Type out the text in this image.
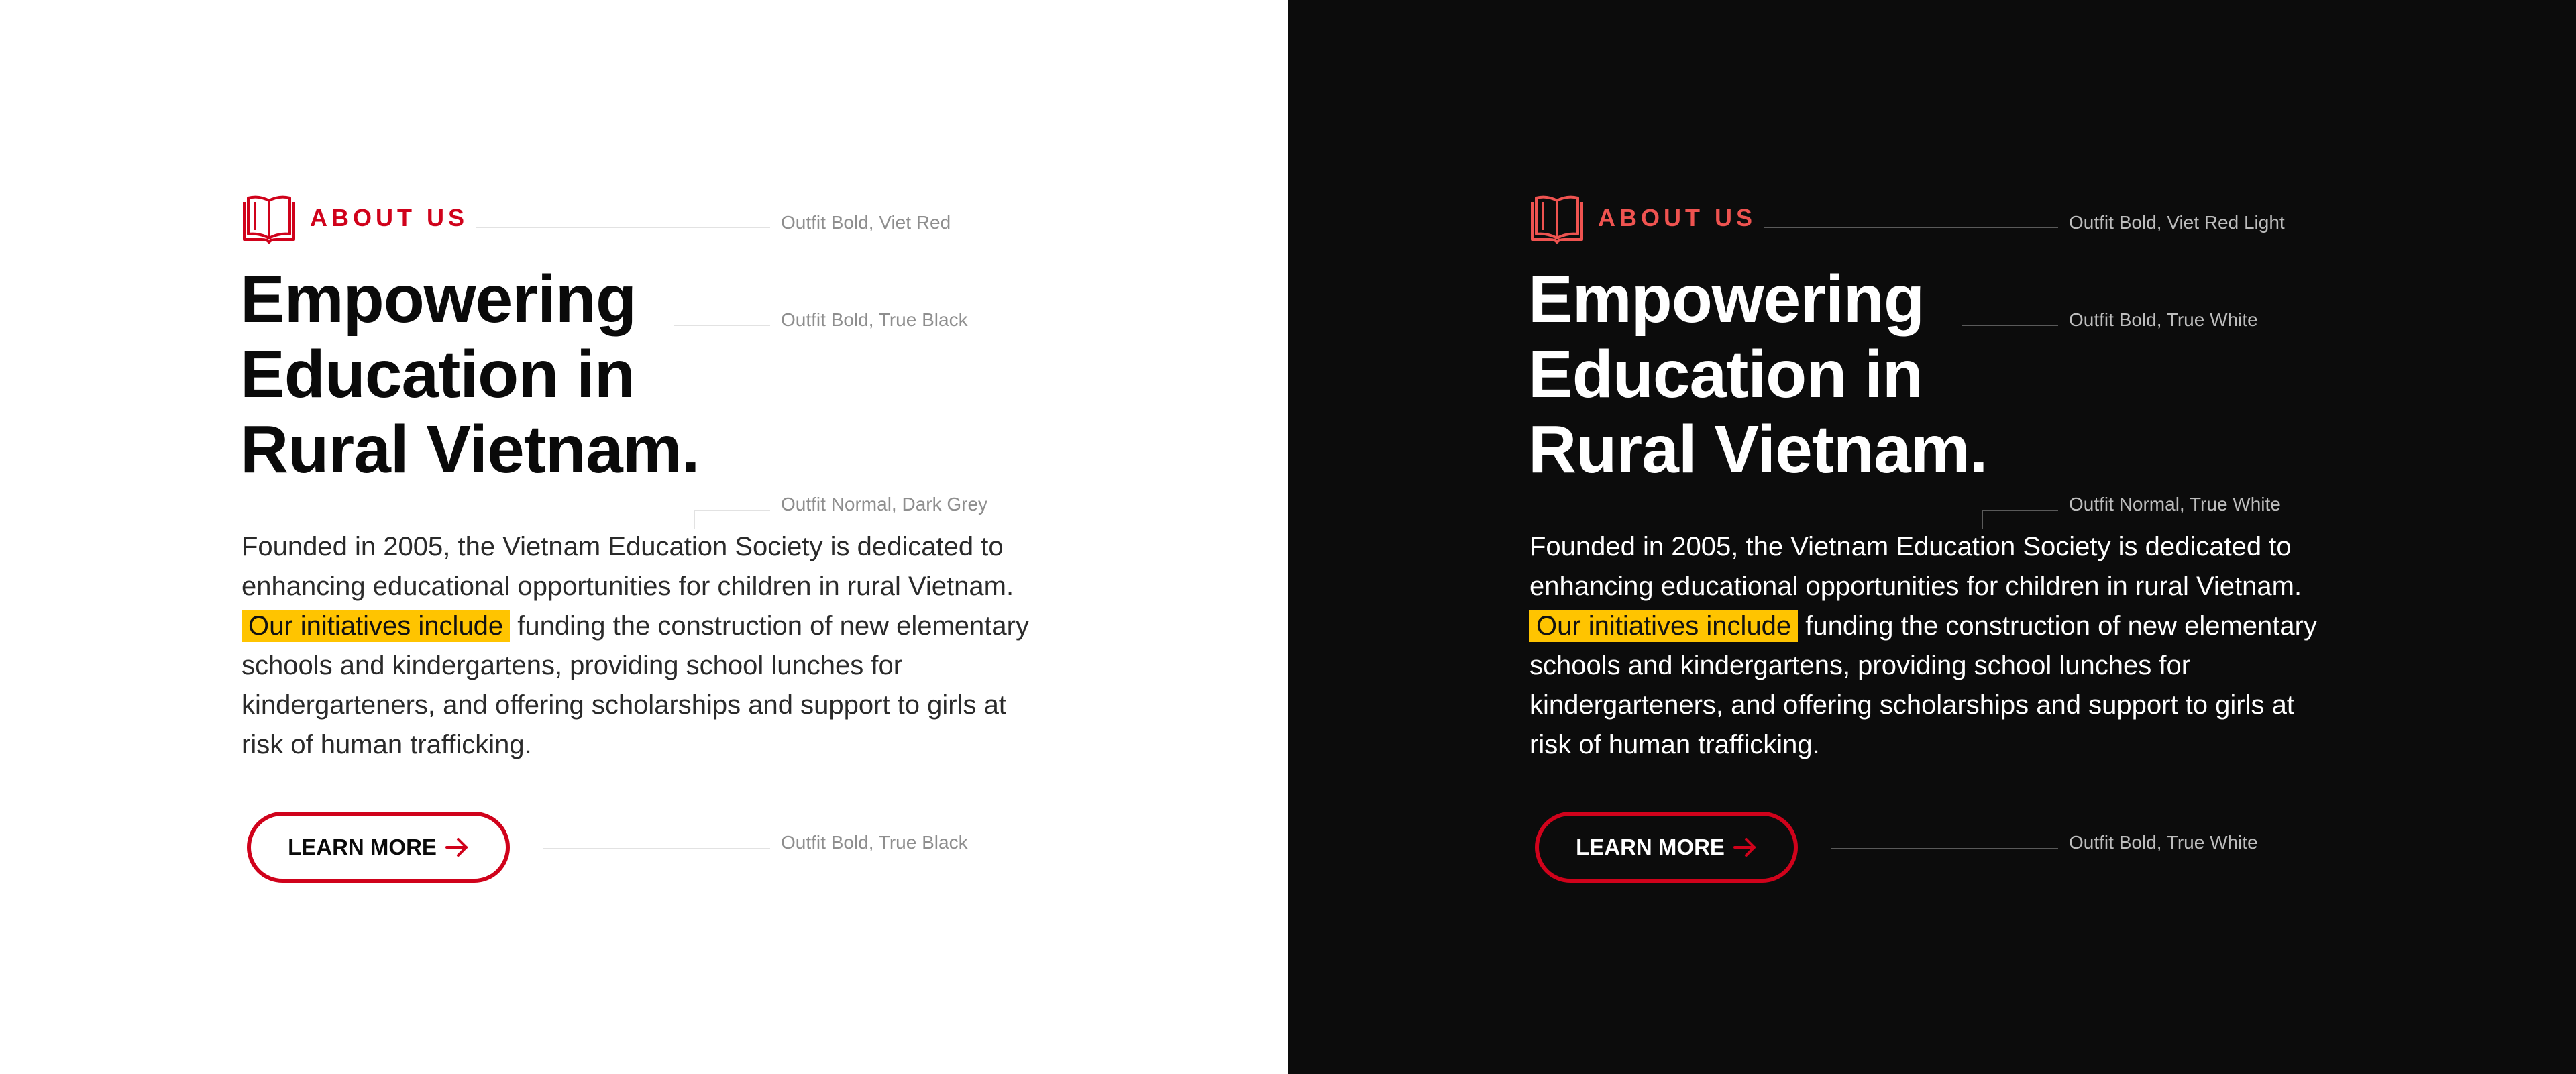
ABOUT US	Outfit Bold, Viet Red
Empowering
Education in
Rural Vietnam.
Outfit Bold, True Black

Founded in 2005, the Vietnam Education Society is dedicated to enhancing educational opportunities for children in rural Vietnam. Our initiatives include funding the construction of new elementary schools and kindergartens, providing school lunches for kindergarteners, and offering scholarships and support to girls at risk of human trafficking.

Outfit Normal, Dark Grey
LEARN MORE	Outfit Bold, True Black
ABOUT US	Outfit Bold, Viet Red Light
Empowering
Education in
Rural Vietnam.
Outfit Bold, True White

Founded in 2005, the Vietnam Education Society is dedicated to enhancing educational opportunities for children in rural Vietnam. Our initiatives include funding the construction of new elementary schools and kindergartens, providing school lunches for kindergarteners, and offering scholarships and support to girls at risk of human trafficking.

Outfit Normal, True White
LEARN MORE	Outfit Bold, True White
